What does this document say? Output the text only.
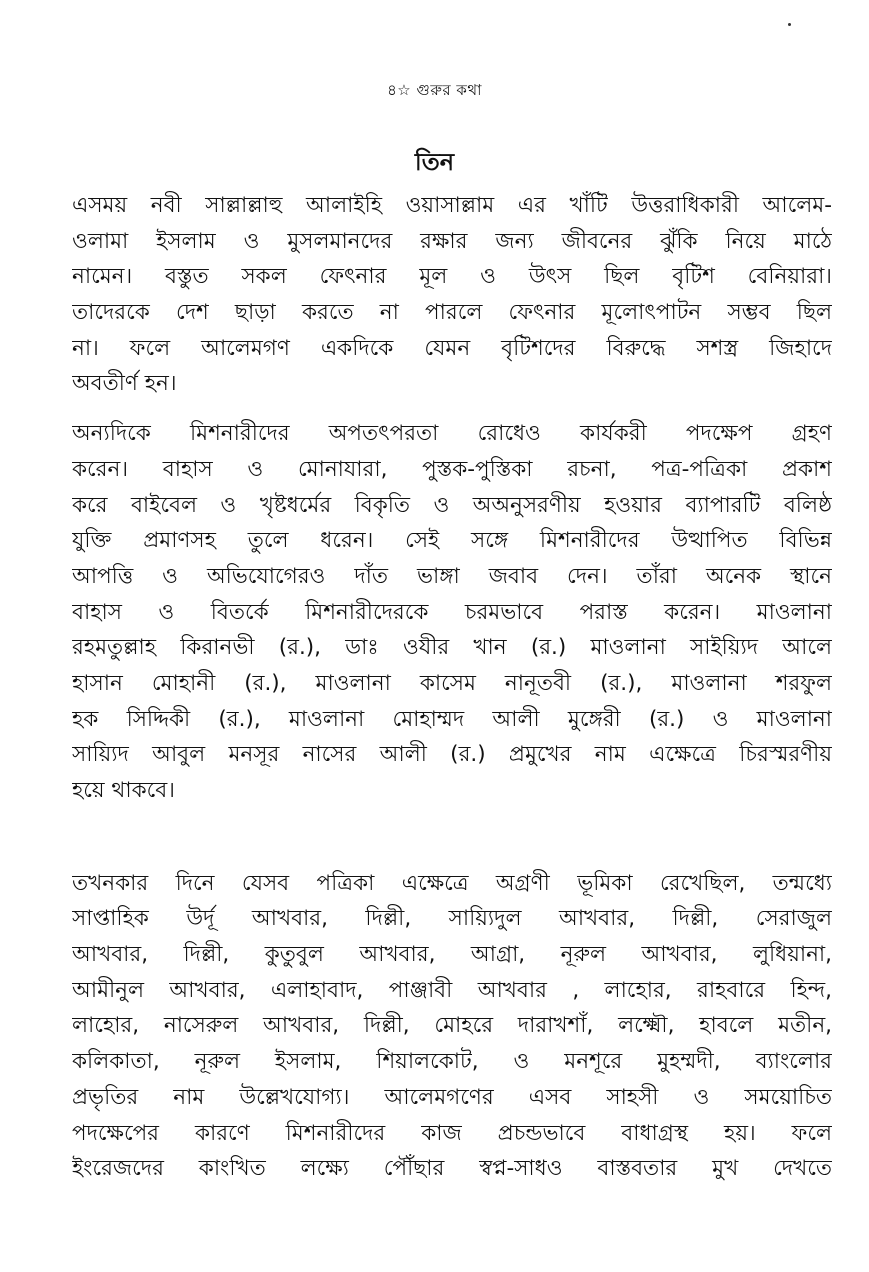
৪☆ গুরুর কথা
তিন
এসময় নবী সাল্লাল্লাহু আলাইহি ওয়াসাল্লাম এর খাঁটি উত্তরাধিকারী আলেম-
ওলামা ইসলাম ও মুসলমানদের রক্ষার জন্য জীবনের ঝুঁকি নিয়ে মাঠে
নামেন। বস্তুত সকল ফেৎনার মূল ও উৎস ছিল বৃটিশ বেনিয়ারা।
তাদেরকে দেশ ছাড়া করতে না পারলে ফেৎনার মূলোৎপাটন সম্ভব ছিল
না। ফলে আলেমগণ একদিকে যেমন বৃটিশদের বিরুদ্ধে সশস্ত্র জিহাদে
অবতীর্ণ হন।
অন্যদিকে মিশনারীদের অপতৎপরতা রোধেও কার্যকরী পদক্ষেপ গ্রহণ
করেন। বাহাস ও মোনাযারা, পুস্তক-পুস্তিকা রচনা, পত্র-পত্রিকা প্রকাশ
করে বাইবেল ও খৃষ্টধর্মের বিকৃতি ও অঅনুসরণীয় হওয়ার ব্যাপারটি বলিষ্ঠ
যুক্তি প্রমাণসহ তুলে ধরেন। সেই সঙ্গে মিশনারীদের উত্থাপিত বিভিন্ন
আপত্তি ও অভিযোগেরও দাঁত ভাঙ্গা জবাব দেন। তাঁরা অনেক স্থানে
বাহাস ও বিতর্কে মিশনারীদেরকে চরমভাবে পরাস্ত করেন। মাওলানা
রহমতুল্লাহ কিরানভী (র.), ডাঃ ওযীর খান (র.) মাওলানা সাইয়্যিদ আলে
হাসান মোহানী (র.), মাওলানা কাসেম নানূতবী (র.), মাওলানা শরফুল
হক সিদ্দিকী (র.), মাওলানা মোহাম্মদ আলী মুঙ্গেরী (র.) ও মাওলানা
সায়্যিদ আবুল মনসূর নাসের আলী (র.) প্রমুখের নাম এক্ষেত্রে চিরস্মরণীয়
হয়ে থাকবে।
তখনকার দিনে যেসব পত্রিকা এক্ষেত্রে অগ্রণী ভূমিকা রেখেছিল, তন্মধ্যে
সাপ্তাহিক উর্দূ আখবার, দিল্লী, সায়্যিদুল আখবার, দিল্লী, সেরাজুল
আখবার, দিল্লী, কুতুবুল আখবার, আগ্রা, নূরুল আখবার, লুধিয়ানা,
আমীনুল আখবার, এলাহাবাদ, পাঞ্জাবী আখবার , লাহোর, রাহবারে হিন্দ,
লাহোর, নাসেরুল আখবার, দিল্লী, মোহরে দারাখশাঁ, লক্ষ্মৌ, হাবলে মতীন,
কলিকাতা, নূরুল ইসলাম, শিয়ালকোট, ও মনশূরে মুহম্মদী, ব্যাংলোর
প্রভৃতির নাম উল্লেখযোগ্য। আলেমগণের এসব সাহসী ও সময়োচিত
পদক্ষেপের কারণে মিশনারীদের কাজ প্রচন্ডভাবে বাধাগ্রস্থ হয়। ফলে
ইংরেজদের কাংখিত লক্ষ্যে পৌঁছার স্বপ্ন-সাধও বাস্তবতার মুখ দেখতে
